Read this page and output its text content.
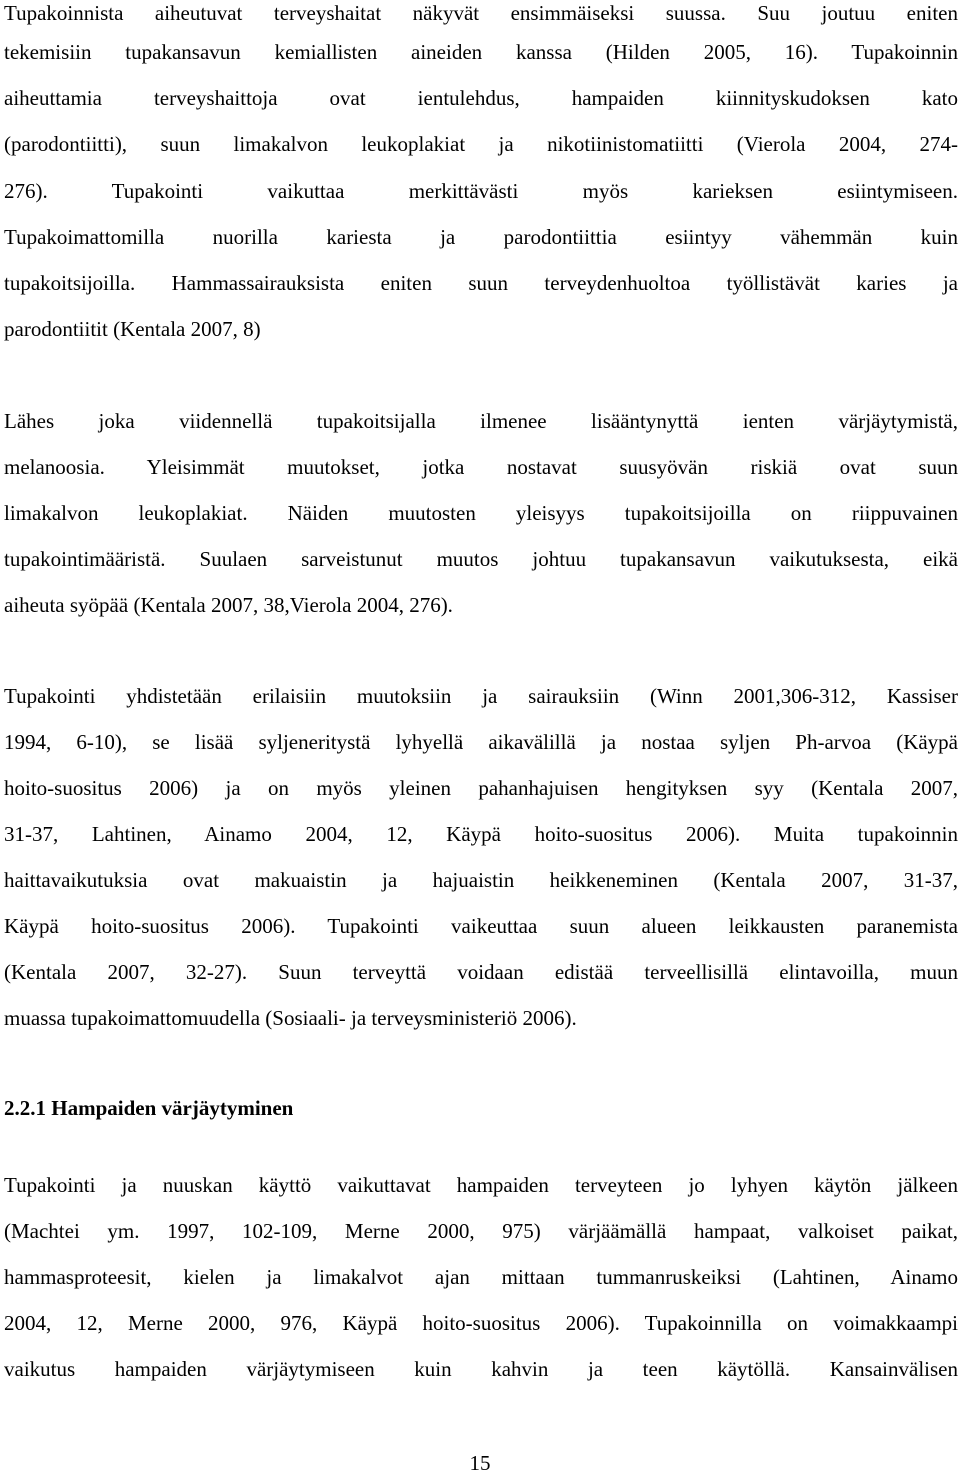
Tupakoinnista aiheutuvat terveyshaitat näkyvät ensimmäiseksi suussa. Suu joutuu eniten
tekemisiin tupakansavun kemiallisten aineiden kanssa (Hilden 2005, 16). Tupakoinnin
aiheuttamia terveyshaittoja ovat ientulehdus, hampaiden kiinnityskudoksen kato
(parodontiitti), suun limakalvon leukoplakiat ja nikotiinistomatiitti (Vierola 2004, 274-
276). Tupakointi vaikuttaa merkittävästi myös karieksen esiintymiseen.
Tupakoimattomilla nuorilla kariesta ja parodontiittia esiintyy vähemmän kuin
tupakoitsijoilla. Hammassairauksista eniten suun terveydenhuoltoa työllistävät karies ja
parodontiitit (Kentala 2007, 8)
Lähes joka viidennellä tupakoitsijalla ilmenee lisääntynyttä ienten värjäytymistä,
melanoosia. Yleisimmät muutokset, jotka nostavat suusyövän riskiä ovat suun
limakalvon leukoplakiat. Näiden muutosten yleisyys tupakoitsijoilla on riippuvainen
tupakointimääristä. Suulaen sarveistunut muutos johtuu tupakansavun vaikutuksesta, eikä
aiheuta syöpää (Kentala 2007, 38,Vierola 2004, 276).
Tupakointi yhdistetään erilaisiin muutoksiin ja sairauksiin (Winn 2001,306-312, Kassiser
1994, 6-10), se lisää syljeneritystä lyhyellä aikavälillä ja nostaa syljen Ph-arvoa (Käypä
hoito-suositus 2006) ja on myös yleinen pahanhajuisen hengityksen syy (Kentala 2007,
31-37, Lahtinen, Ainamo 2004, 12, Käypä hoito-suositus 2006). Muita tupakoinnin
haittavaikutuksia ovat makuaistin ja hajuaistin heikkeneminen (Kentala 2007, 31-37,
Käypä hoito-suositus 2006). Tupakointi vaikeuttaa suun alueen leikkausten paranemista
(Kentala 2007, 32-27). Suun terveyttä voidaan edistää terveellisillä elintavoilla, muun
muassa tupakoimattomuudella (Sosiaali- ja terveysministeriö 2006).
2.2.1 Hampaiden värjäytyminen
Tupakointi ja nuuskan käyttö vaikuttavat hampaiden terveyteen jo lyhyen käytön jälkeen
(Machtei ym. 1997, 102-109, Merne 2000, 975) värjäämällä hampaat, valkoiset paikat,
hammasproteesit, kielen ja limakalvot ajan mittaan tummanruskeiksi (Lahtinen, Ainamo
2004, 12, Merne 2000, 976, Käypä hoito-suositus 2006). Tupakoinnilla on voimakkaampi
vaikutus hampaiden värjäytymiseen kuin kahvin ja teen käytöllä. Kansainvälisen
15
